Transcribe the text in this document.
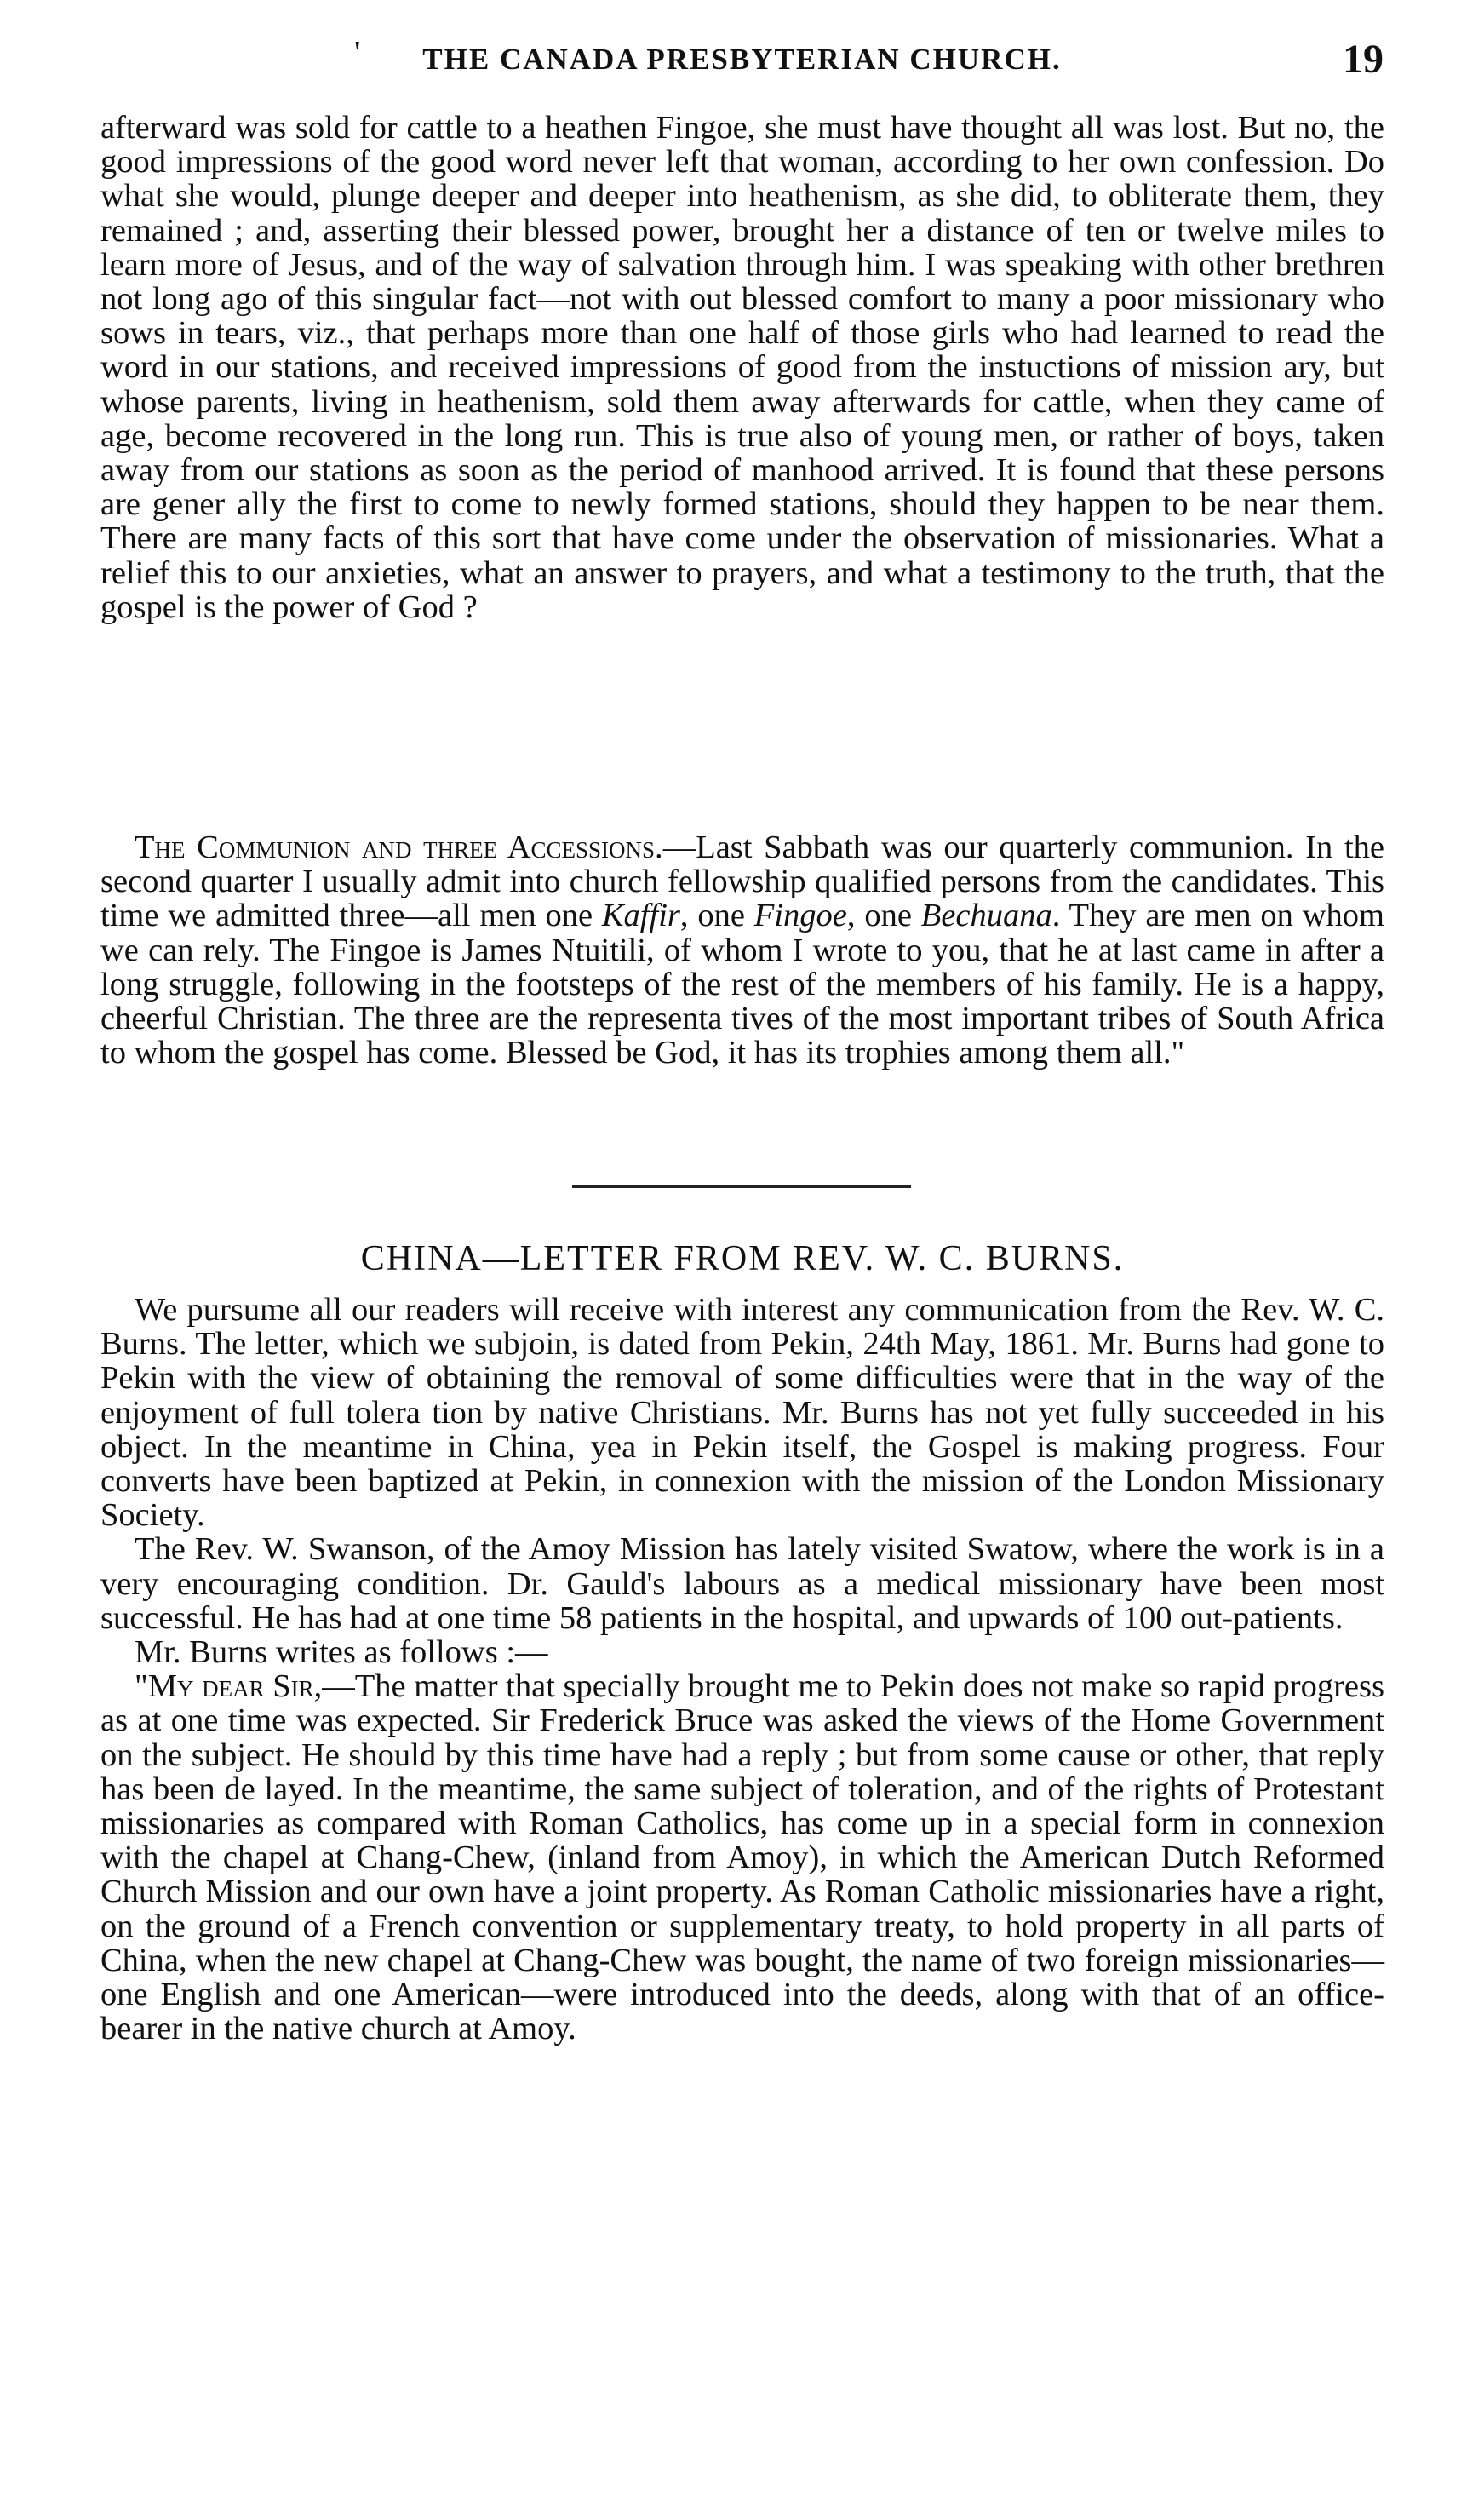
'	THE CANADA PRESBYTERIAN CHURCH.	19

afterward was sold for cattle to a heathen Fingoe, she must have thought all was lost. But no, the good impressions of the good word never left that woman, according to her own confession. Do what she would, plunge deeper and deeper into heathenism, as she did, to obliterate them, they remained ; and, asserting their blessed power, brought her a distance of ten or twelve miles to learn more of Jesus, and of the way of salvation through him. I was speaking with other brethren not long ago of this singular fact—not with out blessed comfort to many a poor missionary who sows in tears, viz., that perhaps more than one half of those girls who had learned to read the word in our stations, and received impressions of good from the instuctions of mission ary, but whose parents, living in heathenism, sold them away afterwards for cattle, when they came of age, become recovered in the long run. This is true also of young men, or rather of boys, taken away from our stations as soon as the period of manhood arrived. It is found that these persons are gener ally the first to come to newly formed stations, should they happen to be near them. There are many facts of this sort that have come under the observation of missionaries. What a relief this to our anxieties, what an answer to prayers, and what a testimony to the truth, that the gospel is the power of God ?

The Communion and three Accessions.—Last Sabbath was our quarterly communion. In the second quarter I usually admit into church fellowship qualified persons from the candidates. This time we admitted three—all men one Kaffir, one Fingoe, one Bechuana. They are men on whom we can rely. The Fingoe is James Ntuitili, of whom I wrote to you, that he at last came in after a long struggle, following in the footsteps of the rest of the members of his family. He is a happy, cheerful Christian. The three are the representa tives of the most important tribes of South Africa to whom the gospel has come. Blessed be God, it has its trophies among them all."

CHINA—LETTER FROM REV. W. C. BURNS.

We pursume all our readers will receive with interest any communication from the Rev. W. C. Burns. The letter, which we subjoin, is dated from Pekin, 24th May, 1861. Mr. Burns had gone to Pekin with the view of obtaining the removal of some difficulties were that in the way of the enjoyment of full tolera tion by native Christians. Mr. Burns has not yet fully succeeded in his object. In the meantime in China, yea in Pekin itself, the Gospel is making progress. Four converts have been baptized at Pekin, in connexion with the mission of the London Missionary Society.

The Rev. W. Swanson, of the Amoy Mission has lately visited Swatow, where the work is in a very encouraging condition. Dr. Gauld's labours as a medical missionary have been most successful. He has had at one time 58 patients in the hospital, and upwards of 100 out-patients.

Mr. Burns writes as follows :—

"My dear Sir,—The matter that specially brought me to Pekin does not make so rapid progress as at one time was expected. Sir Frederick Bruce was asked the views of the Home Government on the subject. He should by this time have had a reply ; but from some cause or other, that reply has been de layed. In the meantime, the same subject of toleration, and of the rights of Protestant missionaries as compared with Roman Catholics, has come up in a special form in connexion with the chapel at Chang-Chew, (inland from Amoy), in which the American Dutch Reformed Church Mission and our own have a joint property. As Roman Catholic missionaries have a right, on the ground of a French convention or supplementary treaty, to hold property in all parts of China, when the new chapel at Chang-Chew was bought, the name of two foreign missionaries—one English and one American—were introduced into the deeds, along with that of an office-bearer in the native church at Amoy.
